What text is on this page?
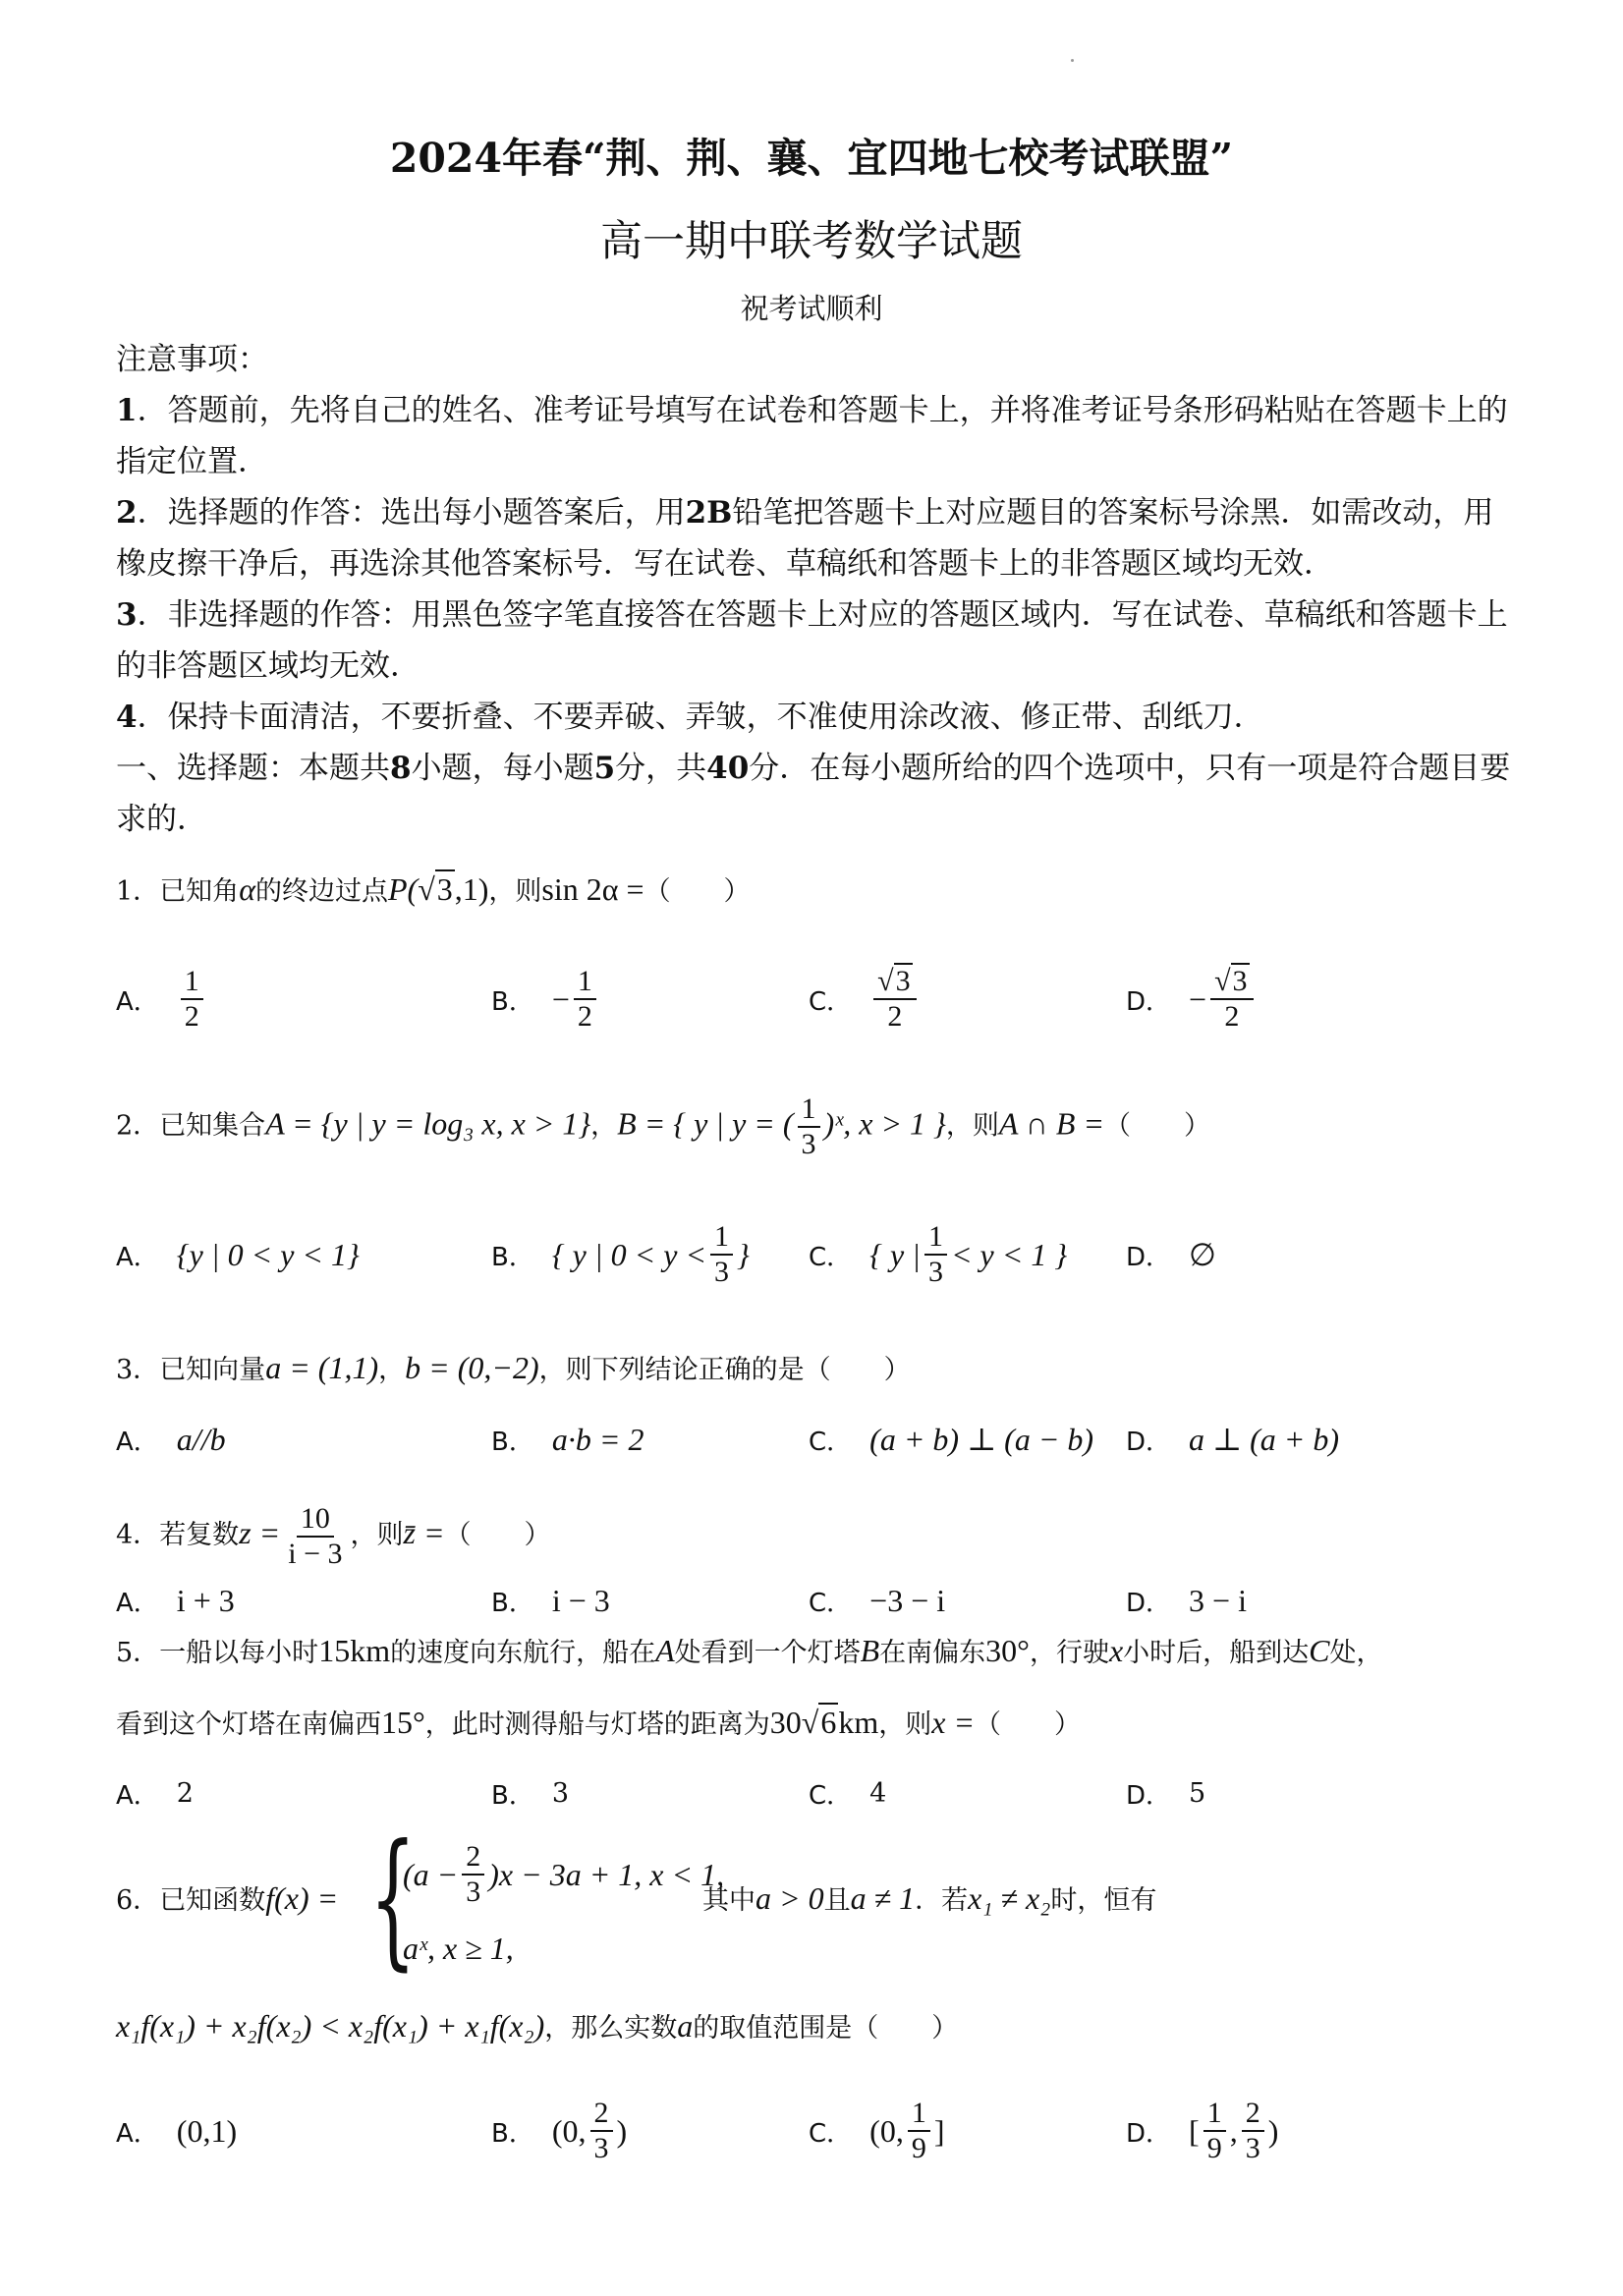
2024年春“荆、荆、襄、宜四地七校考试联盟”
高一期中联考数学试题
祝考试顺利
注意事项：
1．答题前，先将自己的姓名、准考证号填写在试卷和答题卡上，并将准考证号条形码粘贴在答题卡上的指定位置．
2．选择题的作答：选出每小题答案后，用2B铅笔把答题卡上对应题目的答案标号涂黑．如需改动，用橡皮擦干净后，再选涂其他答案标号．写在试卷、草稿纸和答题卡上的非答题区域均无效．
3．非选择题的作答：用黑色签字笔直接答在答题卡上对应的答题区域内．写在试卷、草稿纸和答题卡上的非答题区域均无效．
4．保持卡面清洁，不要折叠、不要弄破、弄皱，不准使用涂改液、修正带、刮纸刀．
一、选择题：本题共8小题，每小题5分，共40分．在每小题所给的四个选项中，只有一项是符合题目要求的．
1．已知角α的终边过点P(√3,1)，则sin 2α =（　　）
A． $\frac{1}{2}$	B． − $\frac{1}{2}$	C． $\frac{√3}{2}$	D． − $\frac{√3}{2}$
2．已知集合A = {y | y = log₃ x, x > 1}，B = { y | y = ( $\frac{1}{3}$ )ˣ, x > 1 }，则A ∩ B =（　　）
A． {y | 0 < y < 1}	B． { y | $0 < y < \frac{1}{3}$ } C． { y | $\frac{1}{3} < y < 1$ } D． ∅
3．已知向量a = (1,1)，b = (0,−2)，则下列结论正确的是（　　）
A． a//b	B． a·b = 2	C． (a + b) ⊥ (a − b) D． a ⊥ (a + b)
4．若复数$z = \frac{10}{i - 3}$ ，则z̄ =（　　）
A． i + 3	B． i − 3	C． −3 − i	D． 3 − i
5．一船以每小时15km的速度向东航行，船在A处看到一个灯塔B在南偏东30°，行驶x小时后，船到达C处，
看到这个灯塔在南偏西15°，此时测得船与灯塔的距离为30√6km，则x =（　　）
A． 2	B． 3	C． 4	D． 5
6．已知函数f(x) = {
$(a - \frac{2}{3} )x - 3a + 1$, x < 1,
aˣ, x ≥ 1,
其中a > 0且a ≠ 1．若x₁ ≠ x₂时，恒有
x₁f(x₁) + x₂f(x₂) < x₂f(x₁) + x₁f(x₂)，那么实数a的取值范围是（　　）
A． (0,1)	B． (0, $\frac{2}{3}$ )	C． (0, $\frac{1}{9}$ ]	D． [ $\frac{1}{9}$ , $\frac{2}{3}$ )
